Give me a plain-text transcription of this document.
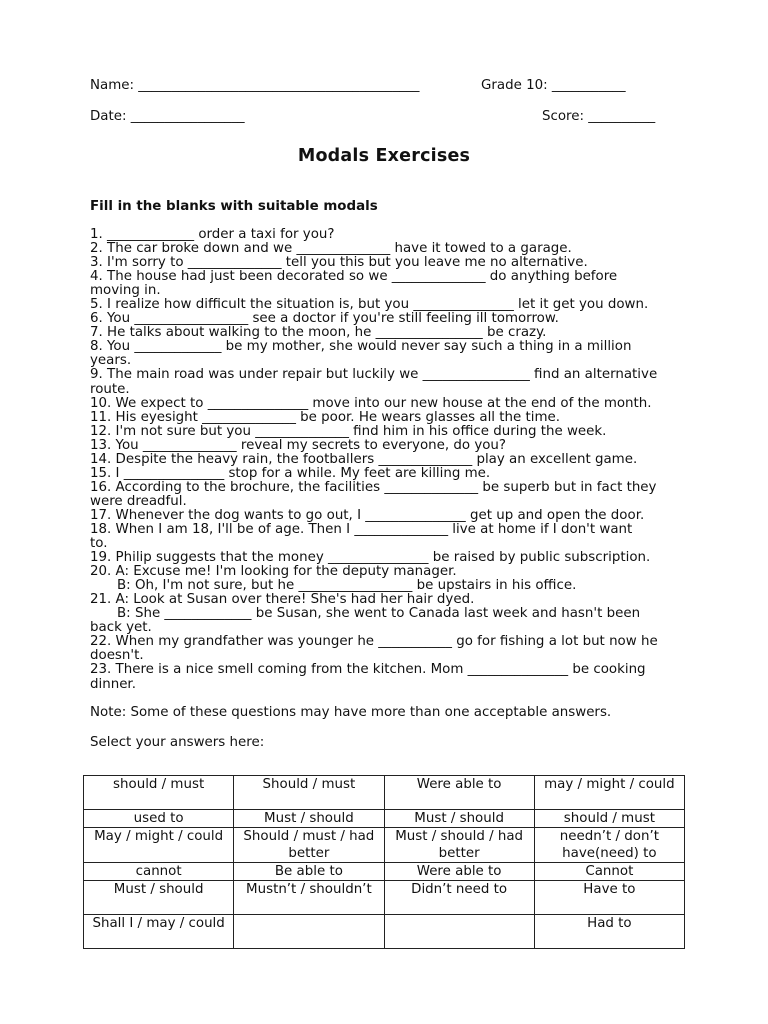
Name: __________________________________________	Grade 10: ___________
Date: _________________	Score: __________
Modals Exercises

Fill in the blanks with suitable modals

1. _____________ order a taxi for you?
2. The car broke down and we ______________ have it towed to a garage.
3. I'm sorry to ______________ tell you this but you leave me no alternative.
4. The house had just been decorated so we ______________ do anything before
moving in.
5. I realize how difficult the situation is, but you _______________ let it get you down.
6. You _________________ see a doctor if you're still feeling ill tomorrow.
7. He talks about walking to the moon, he ________________ be crazy.
8. You _____________ be my mother, she would never say such a thing in a million
years.
9. The main road was under repair but luckily we ________________ find an alternative
route.
10. We expect to _______________ move into our new house at the end of the month.
11. His eyesight ______________ be poor. He wears glasses all the time.
12. I'm not sure but you ______________ find him in his office during the week.
13. You ______________ reveal my secrets to everyone, do you?
14. Despite the heavy rain, the footballers ______________ play an excellent game.
15. I _______________ stop for a while. My feet are killing me.
16. According to the brochure, the facilities ______________ be superb but in fact they
were dreadful.
17. Whenever the dog wants to go out, I _______________ get up and open the door.
18. When I am 18, I'll be of age. Then I ______________ live at home if I don't want
to.
19. Philip suggests that the money _______________ be raised by public subscription.
20. A: Excuse me! I'm looking for the deputy manager.
B: Oh, I'm not sure, but he _________________ be upstairs in his office.
21. A: Look at Susan over there! She's had her hair dyed.
B: She _____________ be Susan, she went to Canada last week and hasn't been
back yet.
22. When my grandfather was younger he ___________ go for fishing a lot but now he
doesn't.
23. There is a nice smell coming from the kitchen. Mom _______________ be cooking
dinner.

Note: Some of these questions may have more than one acceptable answers.

Select your answers here:

should / must	Should / must	Were able to	may / might / could
used to	Must / should	Must / should	should / must
May / might / could	Should / must / had better	Must / should / had better	needn’t / don’t have(need) to
cannot	Be able to	Were able to	Cannot
Must / should	Mustn’t / shouldn’t	Didn’t need to	Have to
Shall I / may / could			Had to
